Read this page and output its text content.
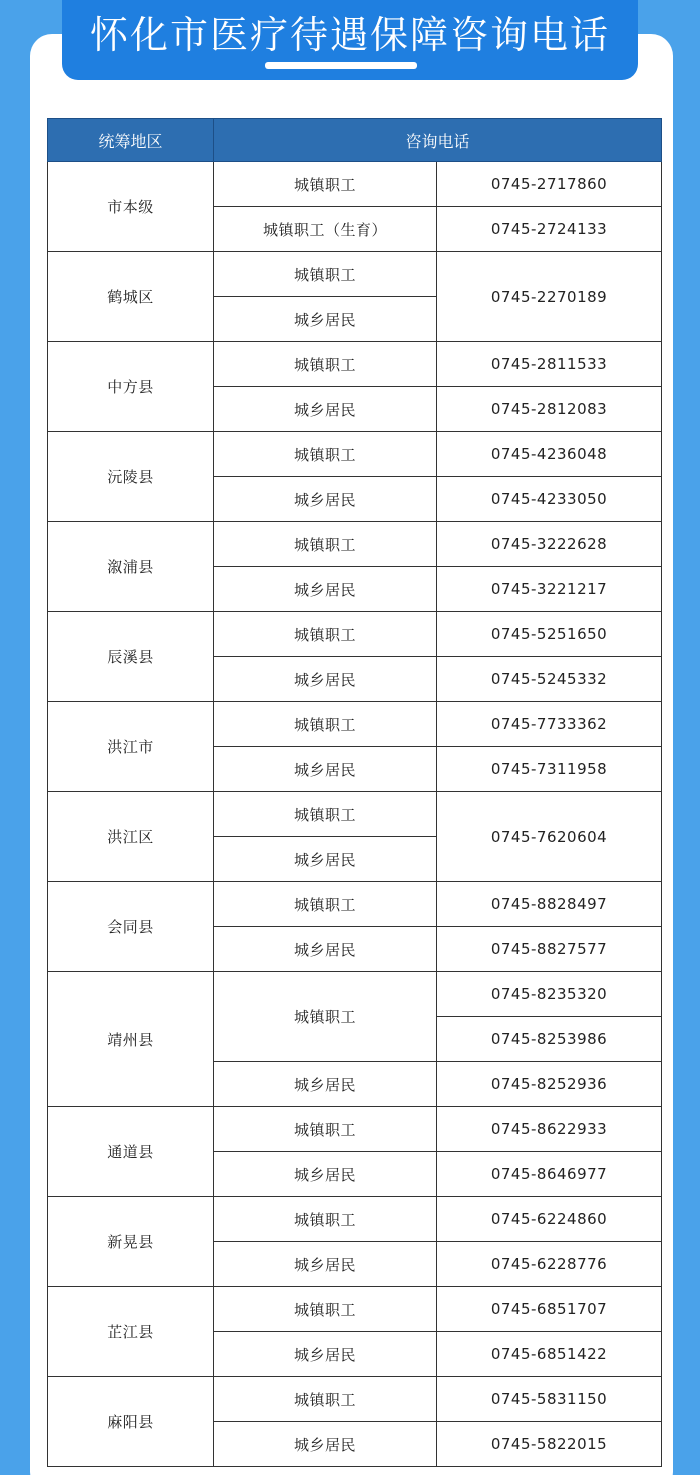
怀化市医疗待遇保障咨询电话
统筹地区	咨询电话	
市本级	城镇职工	0745-2717860
	城镇职工（生育）	0745-2724133
鹤城区	城镇职工	0745-2270189
	城乡居民	
中方县	城镇职工	0745-2811533
	城乡居民	0745-2812083
沅陵县	城镇职工	0745-4236048
	城乡居民	0745-4233050
溆浦县	城镇职工	0745-3222628
	城乡居民	0745-3221217
辰溪县	城镇职工	0745-5251650
	城乡居民	0745-5245332
洪江市	城镇职工	0745-7733362
	城乡居民	0745-7311958
洪江区	城镇职工	0745-7620604
	城乡居民	
会同县	城镇职工	0745-8828497
	城乡居民	0745-8827577
靖州县	城镇职工	0745-8235320
		0745-8253986
	城乡居民	0745-8252936
通道县	城镇职工	0745-8622933
	城乡居民	0745-8646977
新晃县	城镇职工	0745-6224860
	城乡居民	0745-6228776
芷江县	城镇职工	0745-6851707
	城乡居民	0745-6851422
麻阳县	城镇职工	0745-5831150
	城乡居民	0745-5822015
